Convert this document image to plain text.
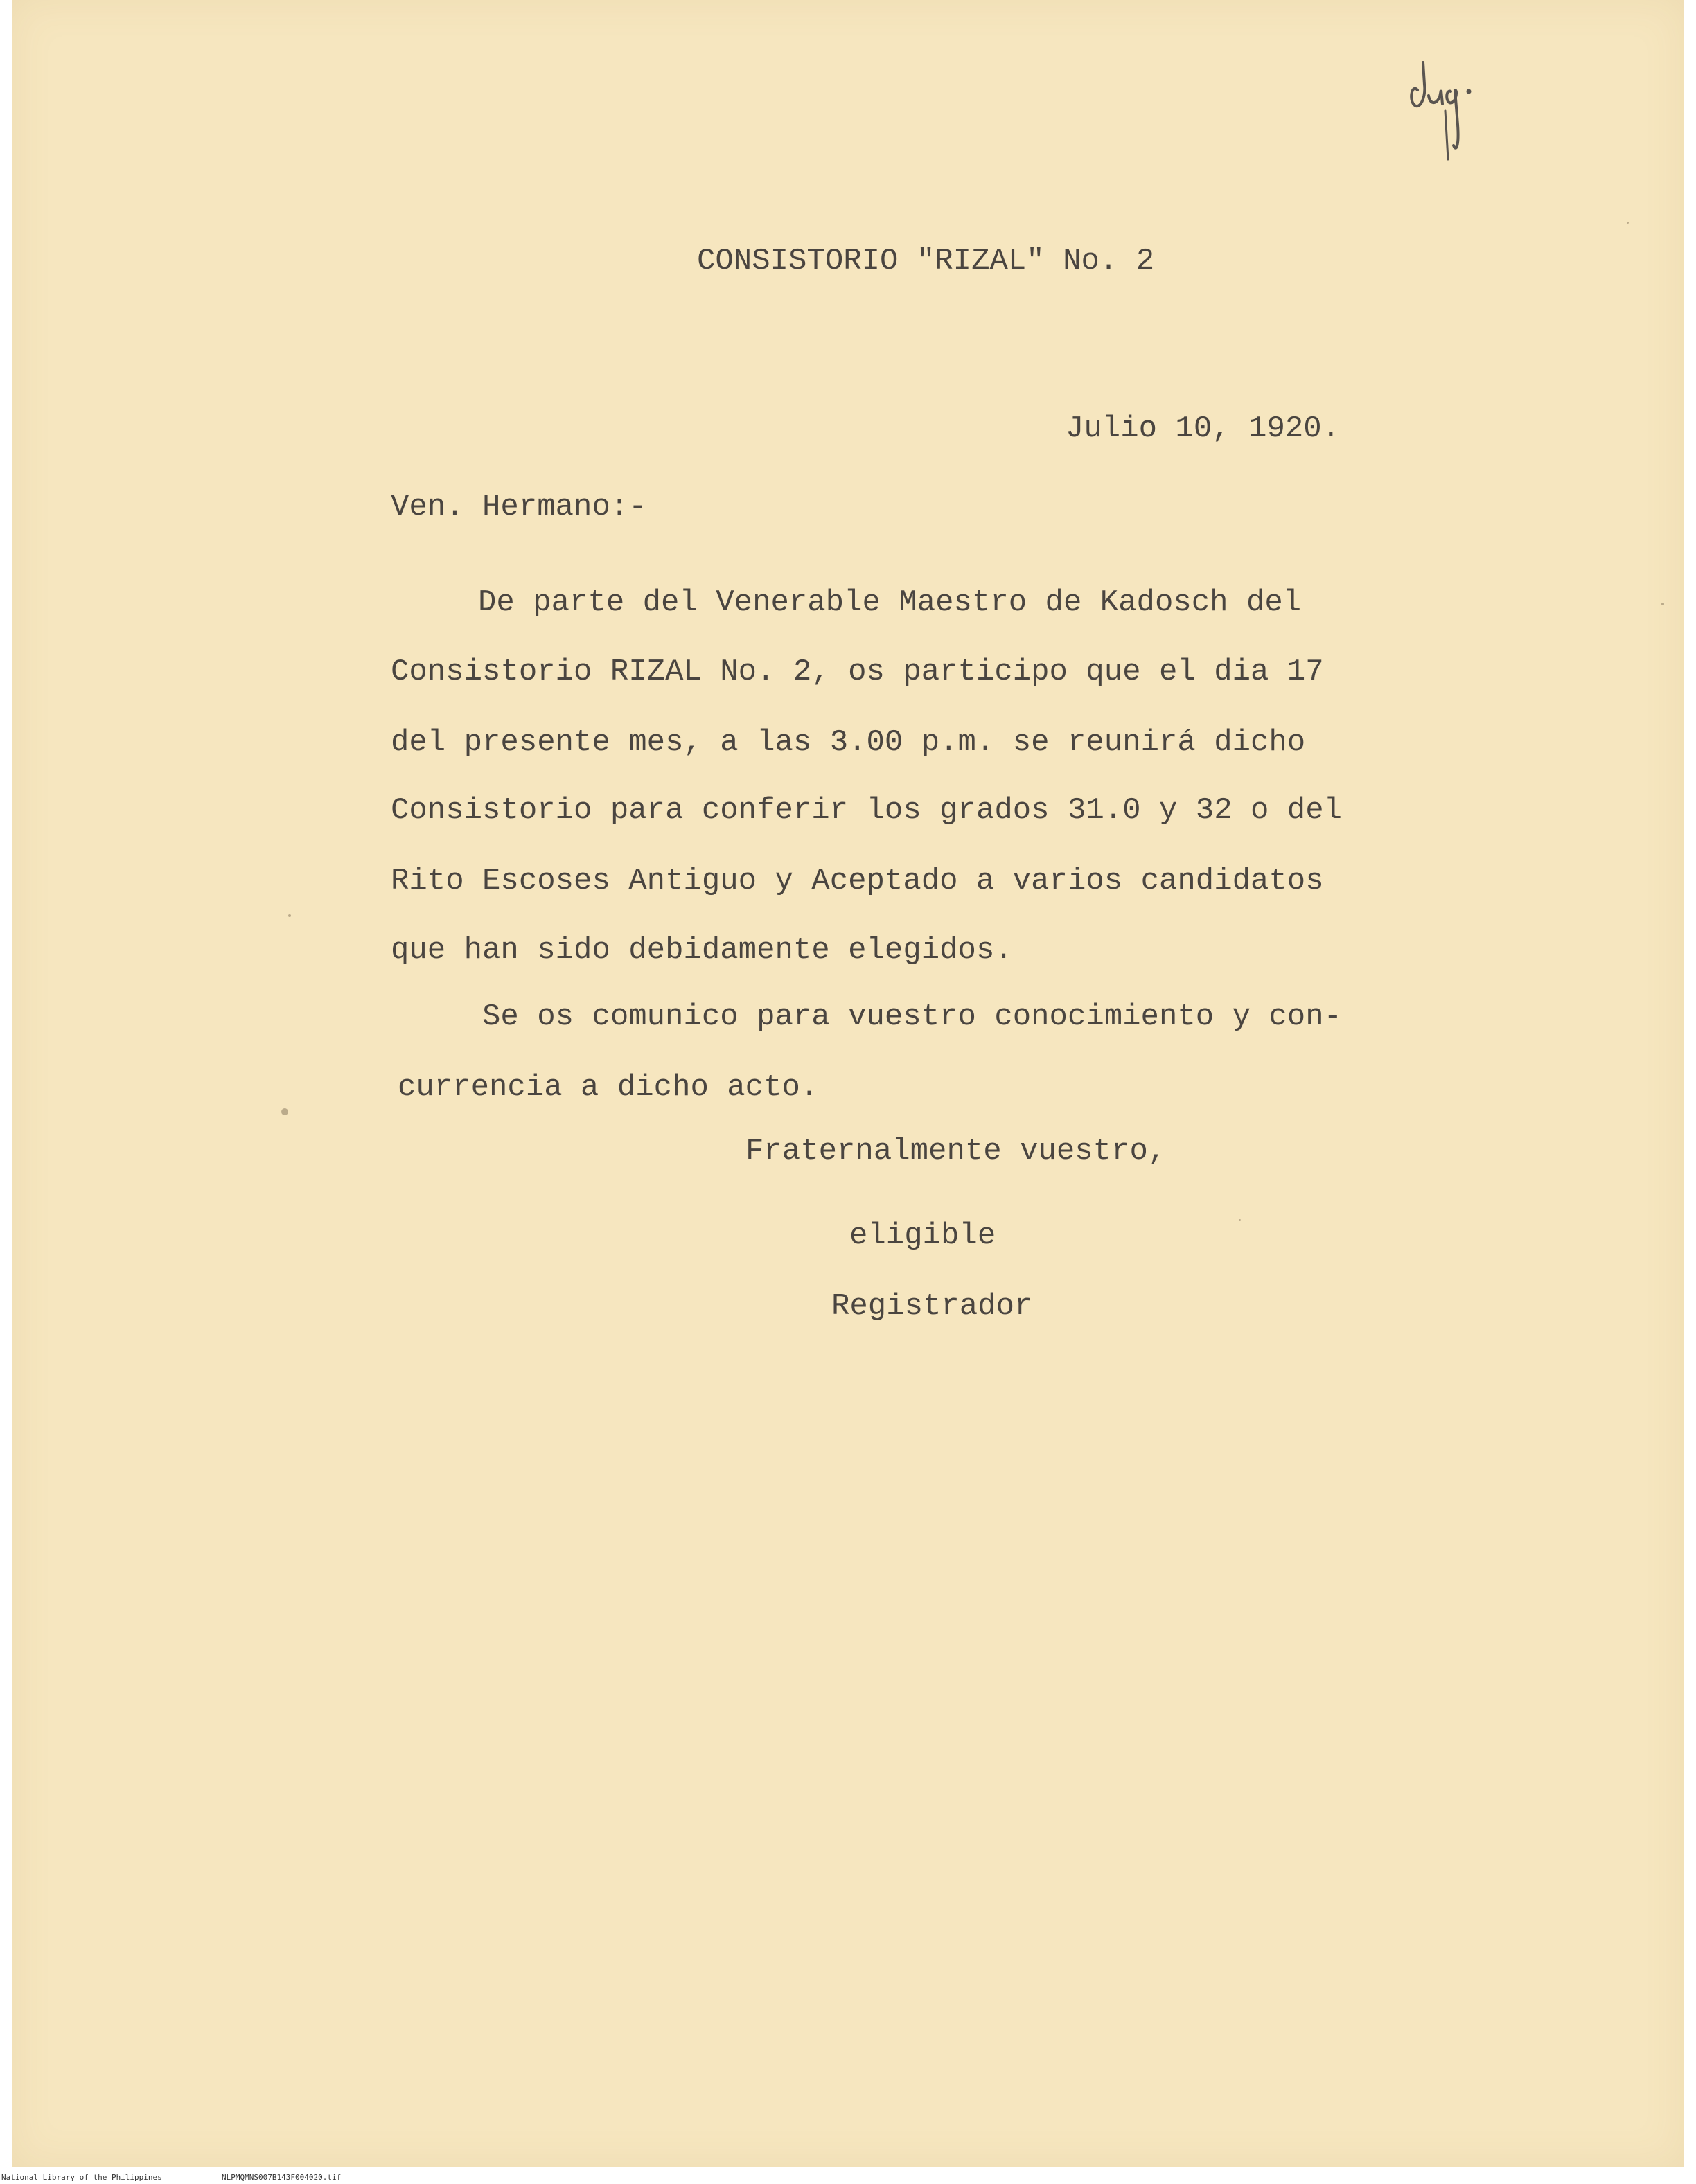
CONSISTORIO "RIZAL" No. 2
Julio 10, 1920.
Ven. Hermano:-
De parte del Venerable Maestro de Kadosch del
Consistorio RIZAL No. 2, os participo que el dia 17
del presente mes, a las 3.00 p.m. se reunirá dicho
Consistorio para conferir los grados 31.0 y 32 o del
Rito Escoses Antiguo y Aceptado a varios candidatos
que han sido debidamente elegidos.
Se os comunico para vuestro conocimiento y con-
currencia a dicho acto.
Fraternalmente vuestro,
eligible
Registrador
National Library of the Philippines	NLPMQMNS007B143F004020.tif
